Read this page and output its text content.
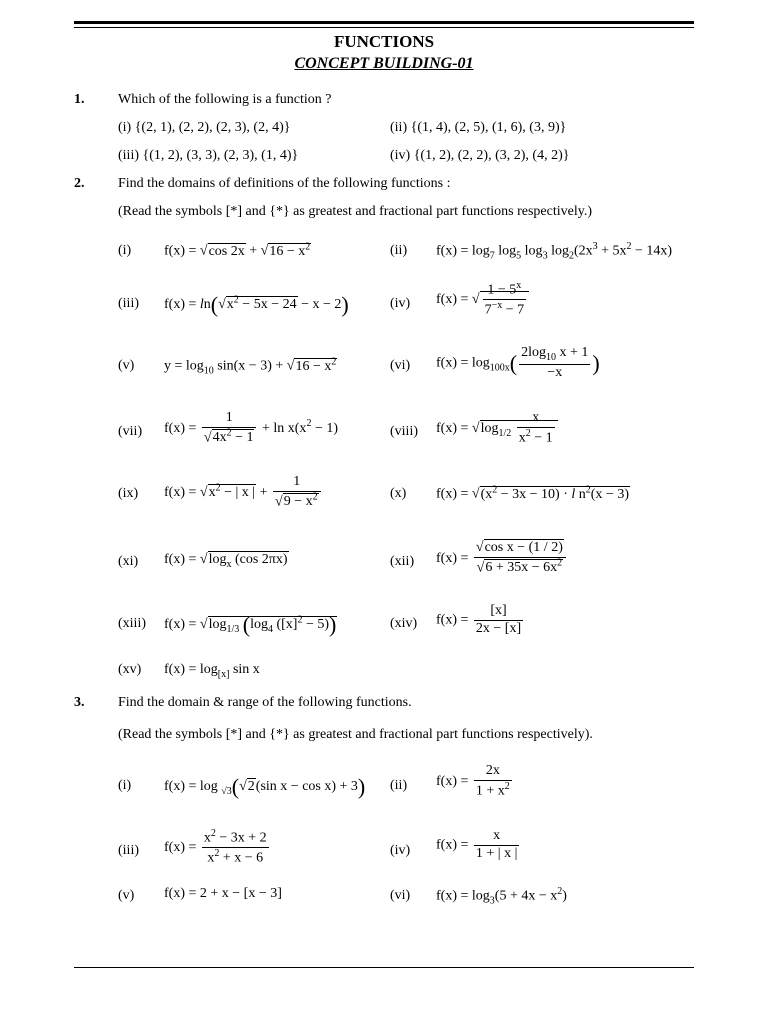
FUNCTIONS
CONCEPT BUILDING-01
1. Which of the following is a function ?
(i) {(2, 1), (2, 2), (2, 3), (2, 4)}	(ii) {(1, 4), (2, 5), (1, 6), (3, 9)}
(iii) {(1, 2), (3, 3), (2, 3), (1, 4)}	(iv) {(1, 2), (2, 2), (3, 2), (4, 2)}
2. Find the domains of definitions of the following functions :
(Read the symbols [*] and {*} as greatest and fractional part functions respectively.)
(i) f(x) = √cos $2x + √16 - x^2$	(ii) $f(x) = \log_7 \log_5 \log_3 \log_2(2x^3 + 5x^2 - 14x)$
(iii) $f(x) = \ln(√x^2 - 5x - 24 - x - 2)$	(iv) f(x) = √ $\frac{1 - 5^x}{7^{-x} - 7}$
(v) $y = \log_{10} \sin(x - 3) + √16 - x^2$	(vi) $f(x) = \log_{100x}( \frac{2\log_{10} x + 1}{-x}$ )
(vii) $f(x) = \frac{1}{√4x^2 - 1} + \ln x(x^2 - 1)$	(viii) $f(x) = √\log_{1/2} \frac{x}{x^2 - 1}$
(ix) $f(x) = √x^2$ − | x | + $\frac{1}{√9 - x^2}$	(x) $f(x) = √(x^2 - 3x - 10) \cdot l$ $n^2(x - 3)$
(xi) $f(x) = √\log_x$ (cos 2πx)	(xii) $f(x) = \frac{\text{√cos x − (1 / 2)}}{√6 + 35x - 6x^2}$
(xiii) $f(x) = √\log_{1/3}$ ($\log_4$ $([x]^2 - 5)$)	(xiv) $f(x) = \frac{[x]}{2x - [x]}$
(xv) $f(x) = \log_{[x]} \sin x$
3. Find the domain & range of the following functions.
(Read the symbols [*] and {*} as greatest and fractional part functions respectively).
(i) f(x) = log $_{√3}$(√2(sin x − cos x) + 3) (ii) $f(x) = \frac{2x}{1 + x^2}$
(iii) $f(x) = \frac{x^2 - 3x + 2}{x^2 + x - 6}$	(iv) $f(x) = \frac{x}{1 + | x |}$
(v) f(x) = 2 + x − [x − 3]	(vi) $f(x) = \log_3(5 + 4x - x^2)$
